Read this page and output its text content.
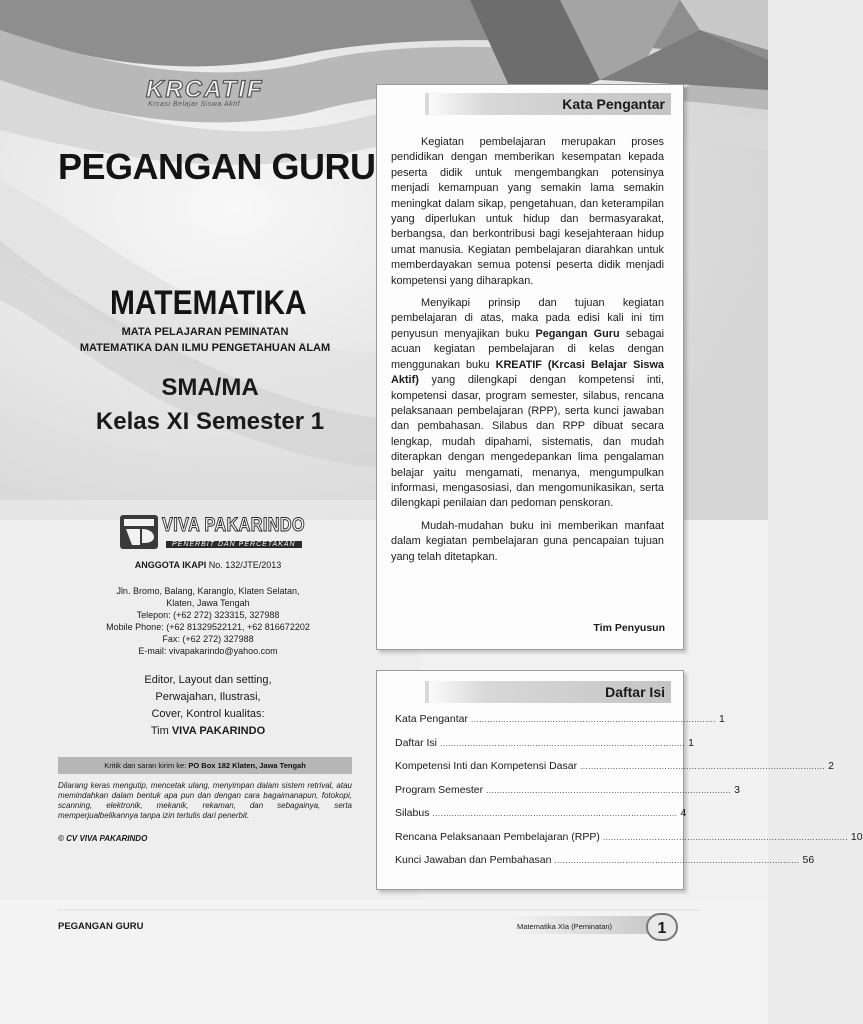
KRCATIF
Krcasi Belajar Siswa Aktif
PEGANGAN GURU
MATEMATIKA
MATA PELAJARAN PEMINATAN
MATEMATIKA DAN ILMU PENGETAHUAN ALAM
SMA/MA
Kelas XI Semester 1
VIVA PAKARINDO
PENERBIT DAN PERCETAKAN
ANGGOTA IKAPI No. 132/JTE/2013
Jln. Bromo, Balang, Karanglo, Klaten Selatan,
Klaten, Jawa Tengah
Telepon: (+62 272) 323315, 327988
Mobile Phone: (+62 81329522121, +62 816672202
Fax: (+62 272) 327988
E-mail: vivapakarindo@yahoo.com
Editor, Layout dan setting,
Perwajahan, Ilustrasi,
Cover, Kontrol kualitas:
Tim VIVA PAKARINDO
Kritik dan saran kirim ke: PO Box 182 Klaten, Jawa Tengah
Dilarang keras mengutip, mencetak ulang, menyimpan dalam sistem retrival, atau memindahkan dalam bentuk apa pun dan dengan cara bagaimanapun, fotokopi, scanning, elektronik, mekanik, rekaman, dan sebagainya, serta memperjualbelikannya tanpa izin tertulis dari penerbit.
© CV VIVA PAKARINDO
Kata Pengantar

Kegiatan pembelajaran merupakan proses pendidikan dengan memberikan kesempatan kepada peserta didik untuk mengembangkan potensinya menjadi kemampuan yang semakin lama semakin meningkat dalam sikap, pengetahuan, dan keterampilan yang diperlukan untuk hidup dan bermasyarakat, berbangsa, dan berkontribusi bagi kesejahteraan hidup umat manusia. Kegiatan pembelajaran diarahkan untuk memberdayakan semua potensi peserta didik menjadi kompetensi yang diharapkan.

Menyikapi prinsip dan tujuan kegiatan pembelajaran di atas, maka pada edisi kali ini tim penyusun menyajikan buku Pegangan Guru sebagai acuan kegiatan pembelajaran di kelas dengan menggunakan buku KREATIF (Krcasi Belajar Siswa Aktif) yang dilengkapi dengan kompetensi inti, kompetensi dasar, program semester, silabus, rencana pelaksanaan pembelajaran (RPP), serta kunci jawaban dan pembahasan. Silabus dan RPP dibuat secara lengkap, mudah dipahami, sistematis, dan mudah diterapkan dengan mengedepankan lima pengalaman belajar yaitu mengamati, menanya, mengumpulkan informasi, mengasosiasi, dan mengomunikasikan, serta dilengkapi penilaian dan pedoman penskoran.

Mudah-mudahan buku ini memberikan manfaat dalam kegiatan pembelajaran guna pencapaian tujuan yang telah ditetapkan.

Tim Penyusun
Daftar Isi
Kata Pengantar .......................................................................................... 1
Daftar Isi .......................................................................................... 1
Kompetensi Inti dan Kompetensi Dasar .......................................................................................... 2
Program Semester .......................................................................................... 3
Silabus .......................................................................................... 4
Rencana Pelaksanaan Pembelajaran (RPP) .......................................................................................... 10
Kunci Jawaban dan Pembahasan .......................................................................................... 56
PEGANGAN GURU	Matematika XIa (Peminatan)	1
